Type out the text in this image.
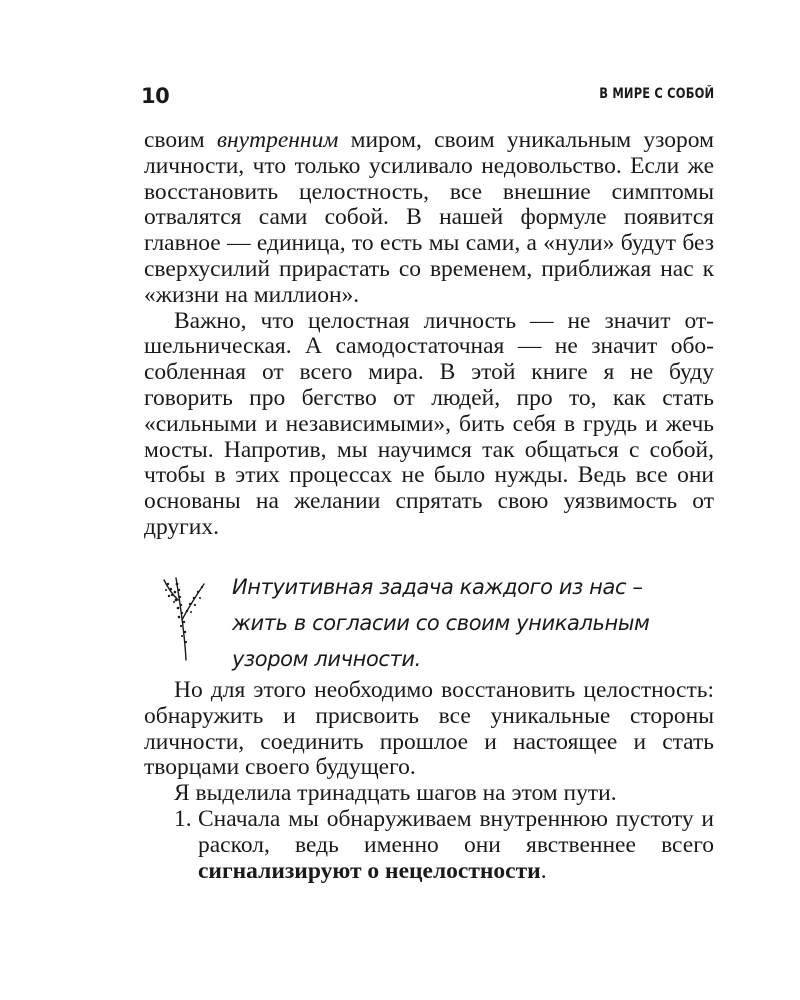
10	В МИРЕ С СОБОЙ

своим внутренним миром, своим уникальным узором личности, что только усиливало недовольство. Если же восстановить целостность, все внешние симптомы отвалятся сами собой. В нашей формуле появится главное — единица, то есть мы сами, а «нули» будут без сверхусилий прирастать со временем, приближая нас к «жизни на миллион».

Важно, что целостная личность — не значит отшельническая. А самодостаточная — не значит обособленная от всего мира. В этой книге я не буду говорить про бегство от людей, про то, как стать «сильными и независимыми», бить себя в грудь и жечь мосты. Напротив, мы научимся так общаться с собой, чтобы в этих процессах не было нужды. Ведь все они основаны на желании спрятать свою уязвимость от других.

Интуитивная задача каждого из нас –
жить в согласии со своим уникальным
узором личности.

Но для этого необходимо восстановить целостность: обнаружить и присвоить все уникальные стороны личности, соединить прошлое и настоящее и стать творцами своего будущего.

Я выделила тринадцать шагов на этом пути.

1. Сначала мы обнаруживаем внутреннюю пустоту и раскол, ведь именно они явственнее всего сигнализируют о нецелостности.
